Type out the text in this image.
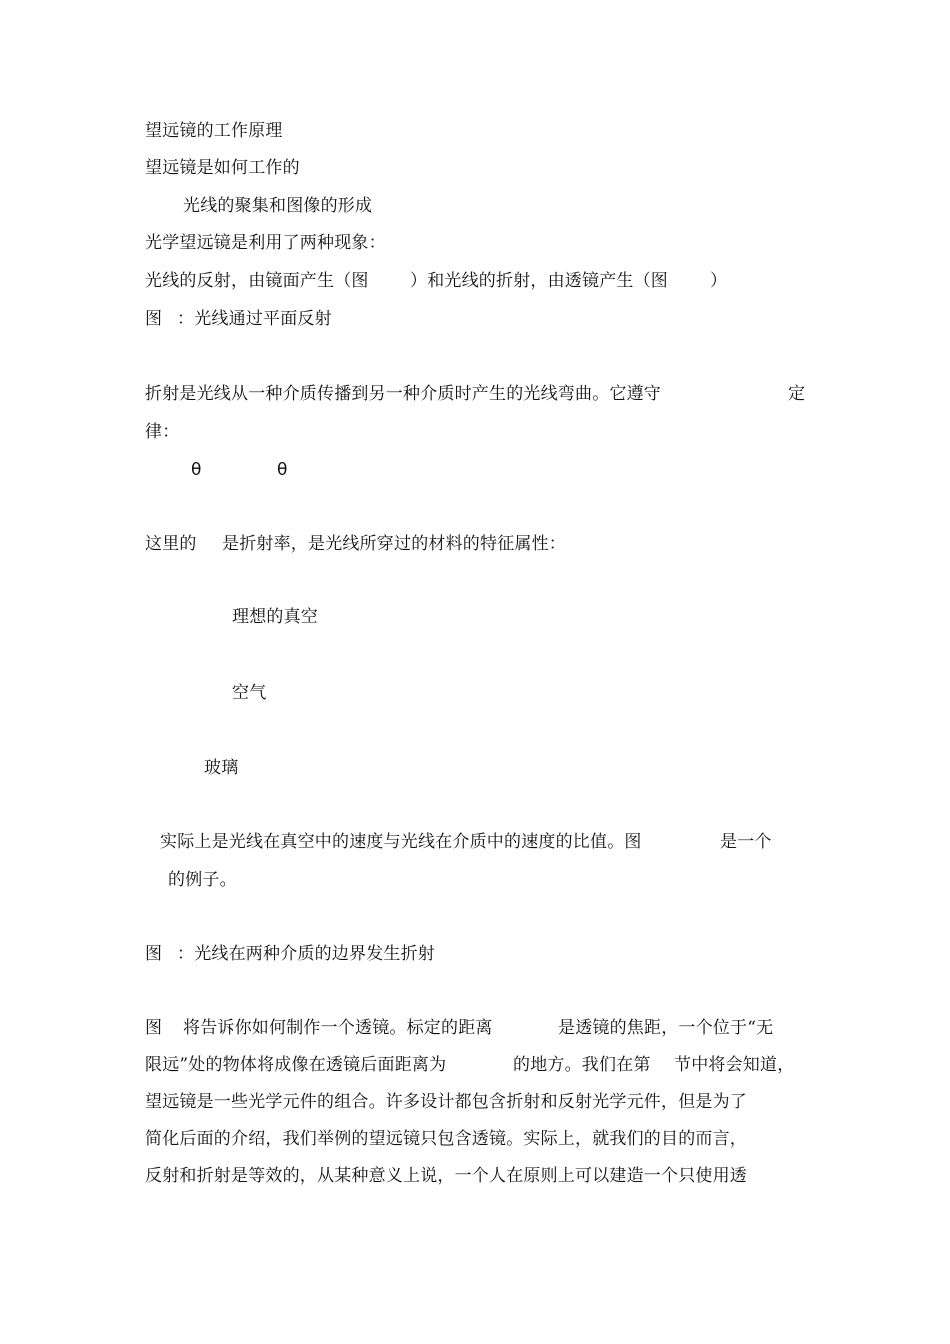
望远镜的工作原理
望远镜是如何工作的
光线的聚集和图像的形成
光学望远镜是利用了两种现象：
光线的反射，由镜面产生（图 ）和光线的折射，由透镜产生（图 ）
图 ：光线通过平面反射
折射是光线从一种介质传播到另一种介质时产生的光线弯曲。它遵守	定
律：
θ	θ
这里的 是折射率，是光线所穿过的材料的特征属性：
理想的真空
空气
玻璃
实际上是光线在真空中的速度与光线在介质中的速度的比值。图	是一个
的例子。
图 ：光线在两种介质的边界发生折射
图 将告诉你如何制作一个透镜。标定的距离	是透镜的焦距，一个位于“无
限远”处的物体将成像在透镜后面距离为	的地方。我们在第 节中将会知道，
望远镜是一些光学元件的组合。许多设计都包含折射和反射光学元件，但是为了
简化后面的介绍，我们举例的望远镜只包含透镜。实际上，就我们的目的而言，
反射和折射是等效的，从某种意义上说，一个人在原则上可以建造一个只使用透
